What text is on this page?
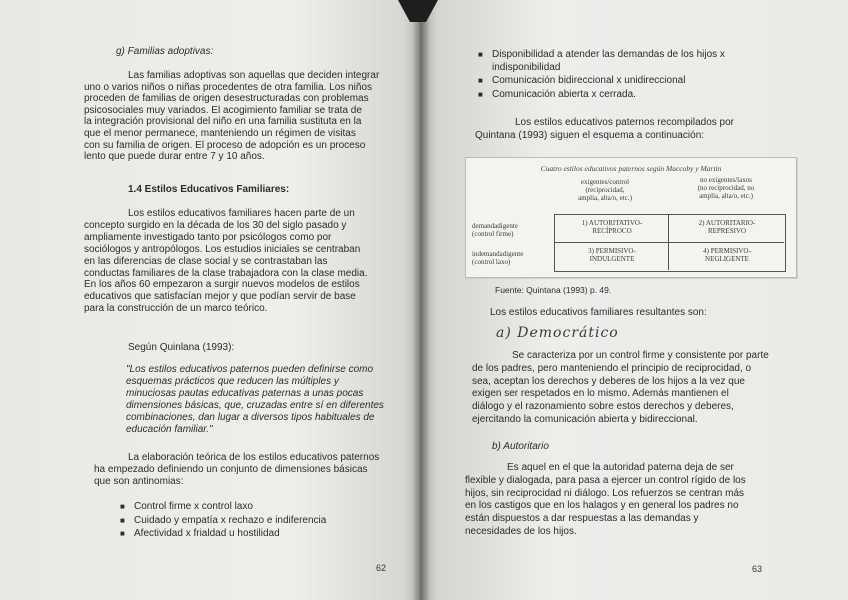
g) Familias adoptivas:
Las familias adoptivas son aquellas que deciden integrar
uno o varios niños o niñas procedentes de otra familia. Los niños
proceden de familias de origen desestructuradas con problemas
psicosociales muy variados. El acogimiento familiar se trata de
la integración provisional del niño en una familia sustituta en la
que el menor permanece, manteniendo un régimen de visitas
con su familia de origen. El proceso de adopción es un proceso
lento que puede durar entre 7 y 10 años.
1.4 Estilos Educativos Familiares:
Los estilos educativos familiares hacen parte de un
concepto surgido en la década de los 30 del siglo pasado y
ampliamente investigado tanto por psicólogos como por
sociólogos y antropólogos. Los estudios iniciales se centraban
en las diferencias de clase social y se contrastaban las
conductas familiares de la clase trabajadora con la clase media.
En los años 60 empezaron a surgir nuevos modelos de estilos
educativos que satisfacían mejor y que podían servir de base
para la construcción de un marco teórico.
Según Quinlana (1993):
"Los estilos educativos paternos pueden definirse como
esquemas prácticos que reducen las múltiples y
minuciosas pautas educativas paternas a unas pocas
dimensiones básicas, que, cruzadas entre sí en diferentes
combinaciones, dan lugar a diversos tipos habituales de
educación familiar."
La elaboración teórica de los estilos educativos paternos
ha empezado definiendo un conjunto de dimensiones básicas
que son antinomias:
■ Control firme x control laxo
■ Cuidado y empatía x rechazo e indiferencia
■ Afectividad x frialdad u hostilidad
62
■ Disponibilidad a atender las demandas de los hijos x
indisponibilidad
■ Comunicación bidireccional x unidireccional
■ Comunicación abierta x cerrada.
Los estilos educativos paternos recompilados por
Quintana (1993) siguen el esquema a continuación:
Cuatro estilos educativos paternos según Maccoby y Martin
exigentes/control
(reciprocidad,
amplia, alta/o, etc.)
no exigentes/laxos
(no reciprocidad, no
amplia, alta/o, etc.)
demandadigente
(control firme)
indemandadigente
(control laxo)
1) AUTORITATIVO-
RECÍPROCO
2) AUTORITARIO-
REPRESIVO
3) PERMISIVO-
INDULGENTE
4) PERMISIVO-
NEGLIGENTE
Fuente: Quintana (1993) p. 49.
Los estilos educativos familiares resultantes son:
a) Democrático
Se caracteriza por un control firme y consistente por parte
de los padres, pero manteniendo el principio de reciprocidad, o
sea, aceptan los derechos y deberes de los hijos a la vez que
exigen ser respetados en lo mismo. Además mantienen el
diálogo y el razonamiento sobre estos derechos y deberes,
ejercitando la comunicación abierta y bidireccional.
b) Autoritario
Es aquel en el que la autoridad paterna deja de ser
flexible y dialogada, para pasa a ejercer un control rígido de los
hijos, sin reciprocidad ni diálogo. Los refuerzos se centran más
en los castigos que en los halagos y en general los padres no
están dispuestos a dar respuestas a las demandas y
necesidades de los hijos.
63
